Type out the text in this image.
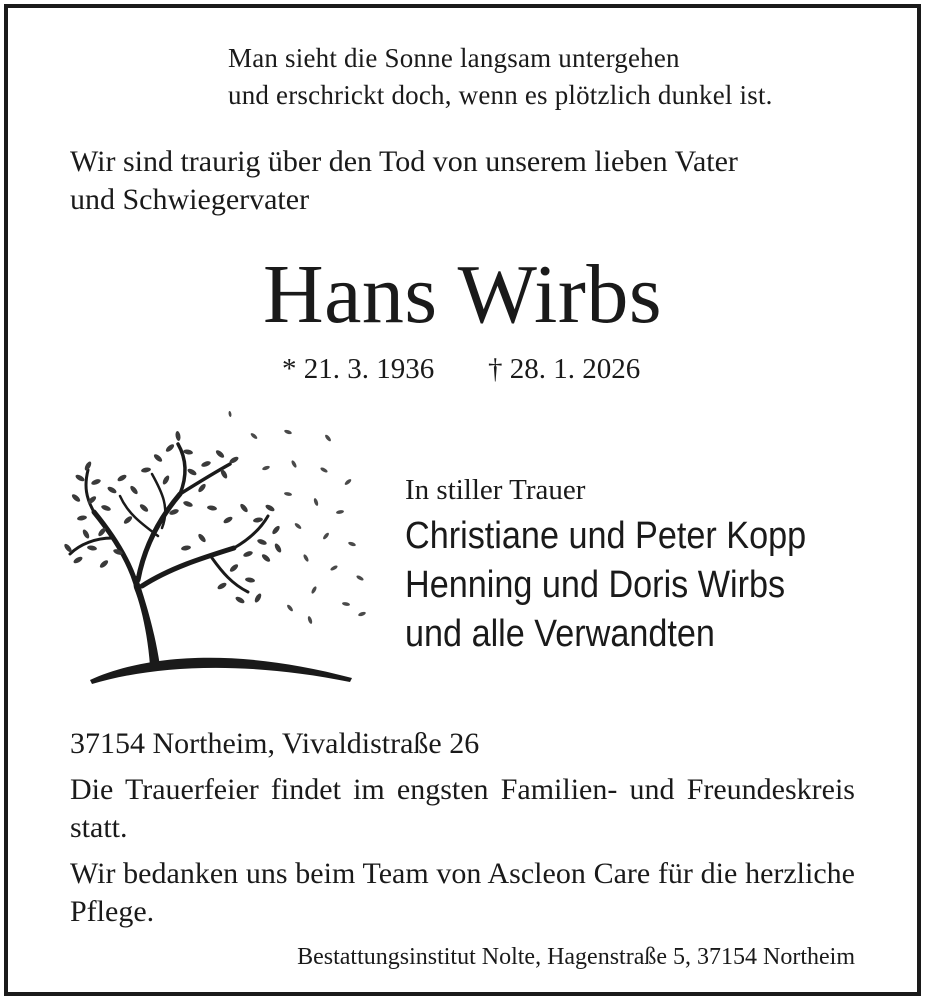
Man sieht die Sonne langsam untergehen
und erschrickt doch, wenn es plötzlich dunkel ist.
Wir sind traurig über den Tod von unserem lieben Vater
und Schwiegervater
Hans Wirbs
* 21. 3. 1936 † 28. 1. 2026
In stiller Trauer
Christiane und Peter Kopp
Henning und Doris Wirbs
und alle Verwandten
37154 Northeim, Vivaldistraße 26
Die Trauerfeier findet im engsten Familien- und Freundeskreis statt.
Wir bedanken uns beim Team von Ascleon Care für die herzliche Pflege.
Bestattungsinstitut Nolte, Hagenstraße 5, 37154 Northeim
